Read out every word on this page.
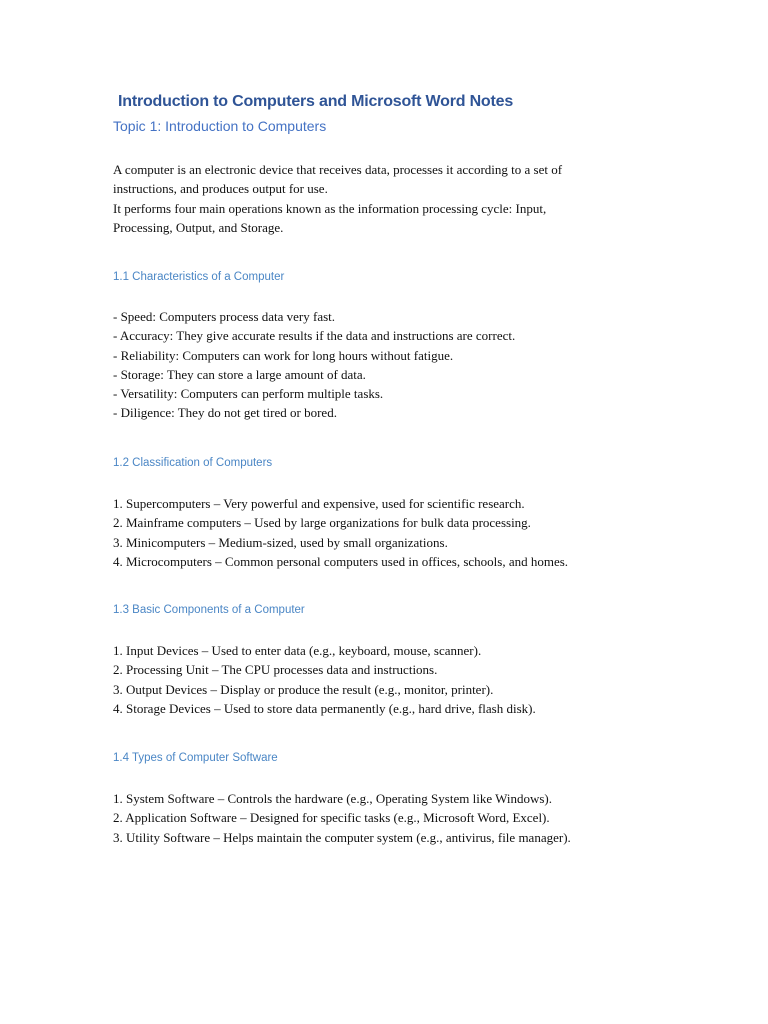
Introduction to Computers and Microsoft Word Notes
Topic 1: Introduction to Computers

A computer is an electronic device that receives data, processes it according to a set of

instructions, and produces output for use.

It performs four main operations known as the information processing cycle: Input,

Processing, Output, and Storage.

1.1 Characteristics of a Computer
- Speed: Computers process data very fast.
- Accuracy: They give accurate results if the data and instructions are correct.
- Reliability: Computers can work for long hours without fatigue.
- Storage: They can store a large amount of data.
- Versatility: Computers can perform multiple tasks.
- Diligence: They do not get tired or bored.
1.2 Classification of Computers
1. Supercomputers – Very powerful and expensive, used for scientific research.
2. Mainframe computers – Used by large organizations for bulk data processing.
3. Minicomputers – Medium-sized, used by small organizations.
4. Microcomputers – Common personal computers used in offices, schools, and homes.
1.3 Basic Components of a Computer
1. Input Devices – Used to enter data (e.g., keyboard, mouse, scanner).
2. Processing Unit – The CPU processes data and instructions.
3. Output Devices – Display or produce the result (e.g., monitor, printer).
4. Storage Devices – Used to store data permanently (e.g., hard drive, flash disk).
1.4 Types of Computer Software
1. System Software – Controls the hardware (e.g., Operating System like Windows).
2. Application Software – Designed for specific tasks (e.g., Microsoft Word, Excel).
3. Utility Software – Helps maintain the computer system (e.g., antivirus, file manager).
